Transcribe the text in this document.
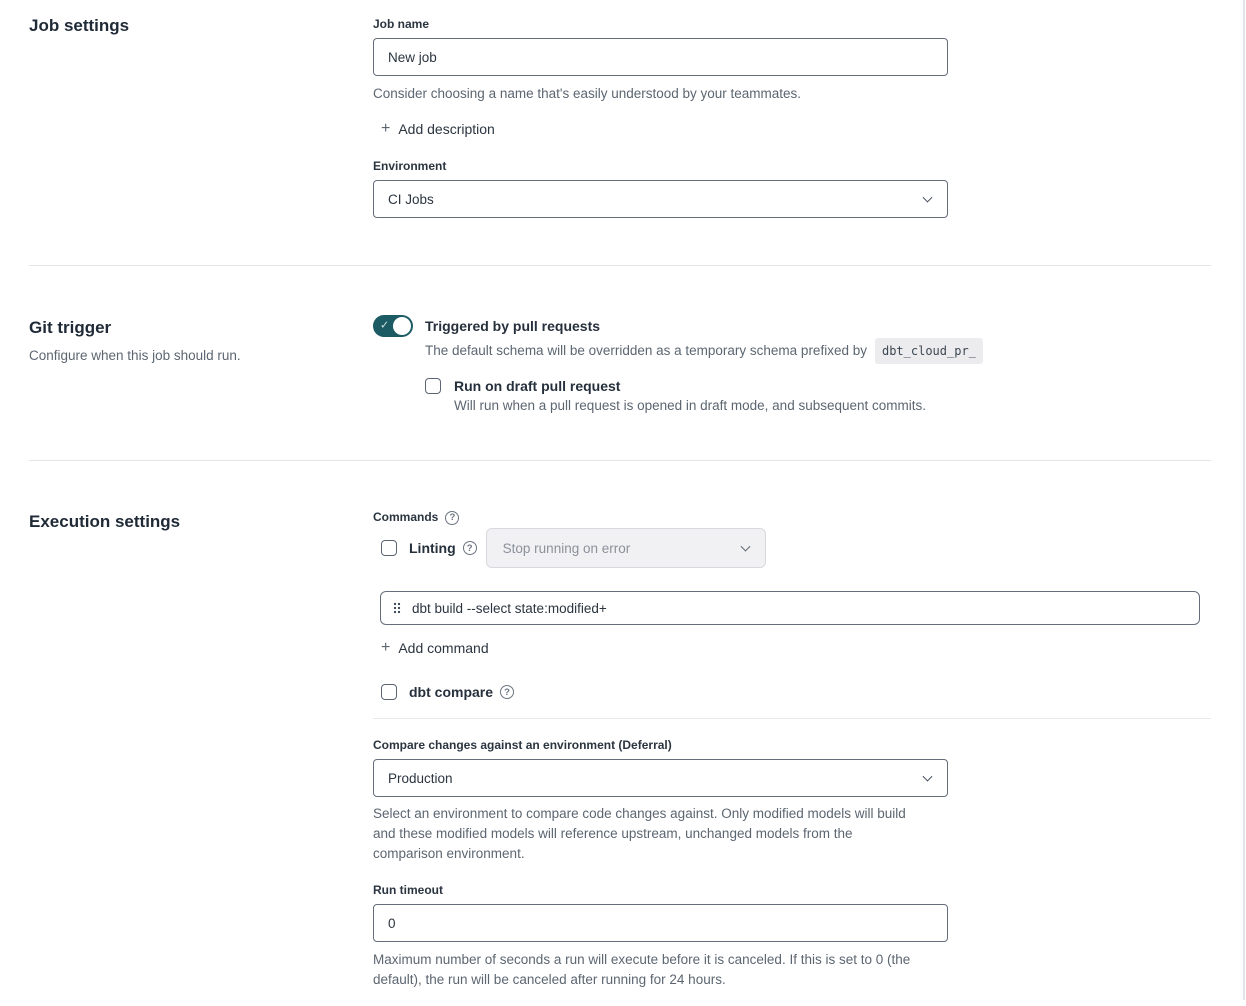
Job settings	Job name
New job

Consider choosing a name that's easily understood by your teammates.

+ Add description
Environment
CI Jobs
Git trigger

Configure when this job should run.

✓	Triggered by pull requests
The default schema will be overridden as a temporary schema prefixed by	dbt_cloud_pr_
Run on draft pull request
Will run when a pull request is opened in draft mode, and subsequent commits.
Execution settings	Commands	?
Linting	?	Stop running on error
dbt build --select state:modified+
+ Add command
dbt compare	?
Compare changes against an environment (Deferral)
Production

Select an environment to compare code changes against. Only modified models will build and these modified models will reference upstream, unchanged models from the comparison environment.

Run timeout
0

Maximum number of seconds a run will execute before it is canceled. If this is set to 0 (the default), the run will be canceled after running for 24 hours.
